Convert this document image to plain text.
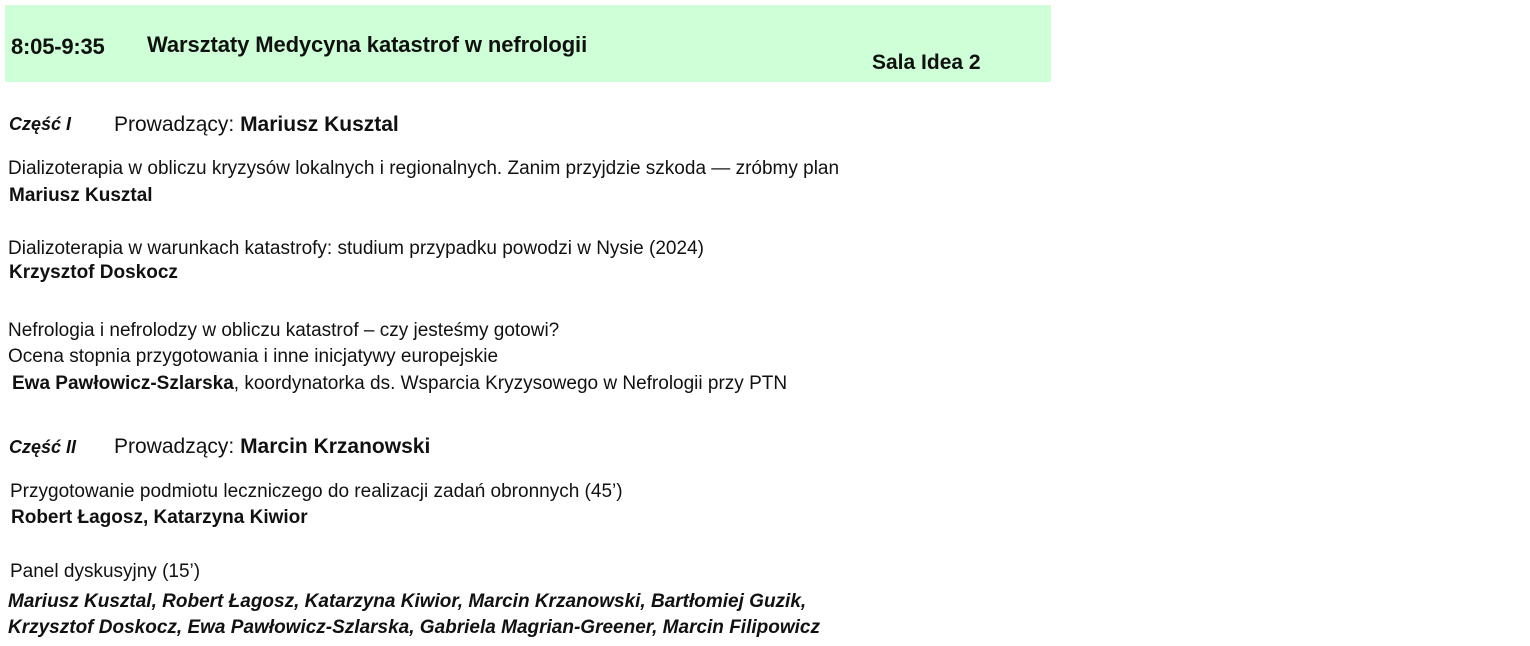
8:05-9:35 Warsztaty Medycyna katastrof w nefrologii
Sala Idea 2
Część I Prowadzący: Mariusz Kusztal
Dializoterapia w obliczu kryzysów lokalnych i regionalnych. Zanim przyjdzie szkoda — zróbmy plan
Mariusz Kusztal
Dializoterapia w warunkach katastrofy: studium przypadku powodzi w Nysie (2024)
Krzysztof Doskocz
Nefrologia i nefrolodzy w obliczu katastrof – czy jesteśmy gotowi?
Ocena stopnia przygotowania i inne inicjatywy europejskie
Ewa Pawłowicz-Szlarska, koordynatorka ds. Wsparcia Kryzysowego w Nefrologii przy PTN
Część II Prowadzący: Marcin Krzanowski
Przygotowanie podmiotu leczniczego do realizacji zadań obronnych (45’)
Robert Łagosz, Katarzyna Kiwior
Panel dyskusyjny (15’)
Mariusz Kusztal, Robert Łagosz, Katarzyna Kiwior, Marcin Krzanowski, Bartłomiej Guzik,
Krzysztof Doskocz, Ewa Pawłowicz-Szlarska, Gabriela Magrian-Greener, Marcin Filipowicz
